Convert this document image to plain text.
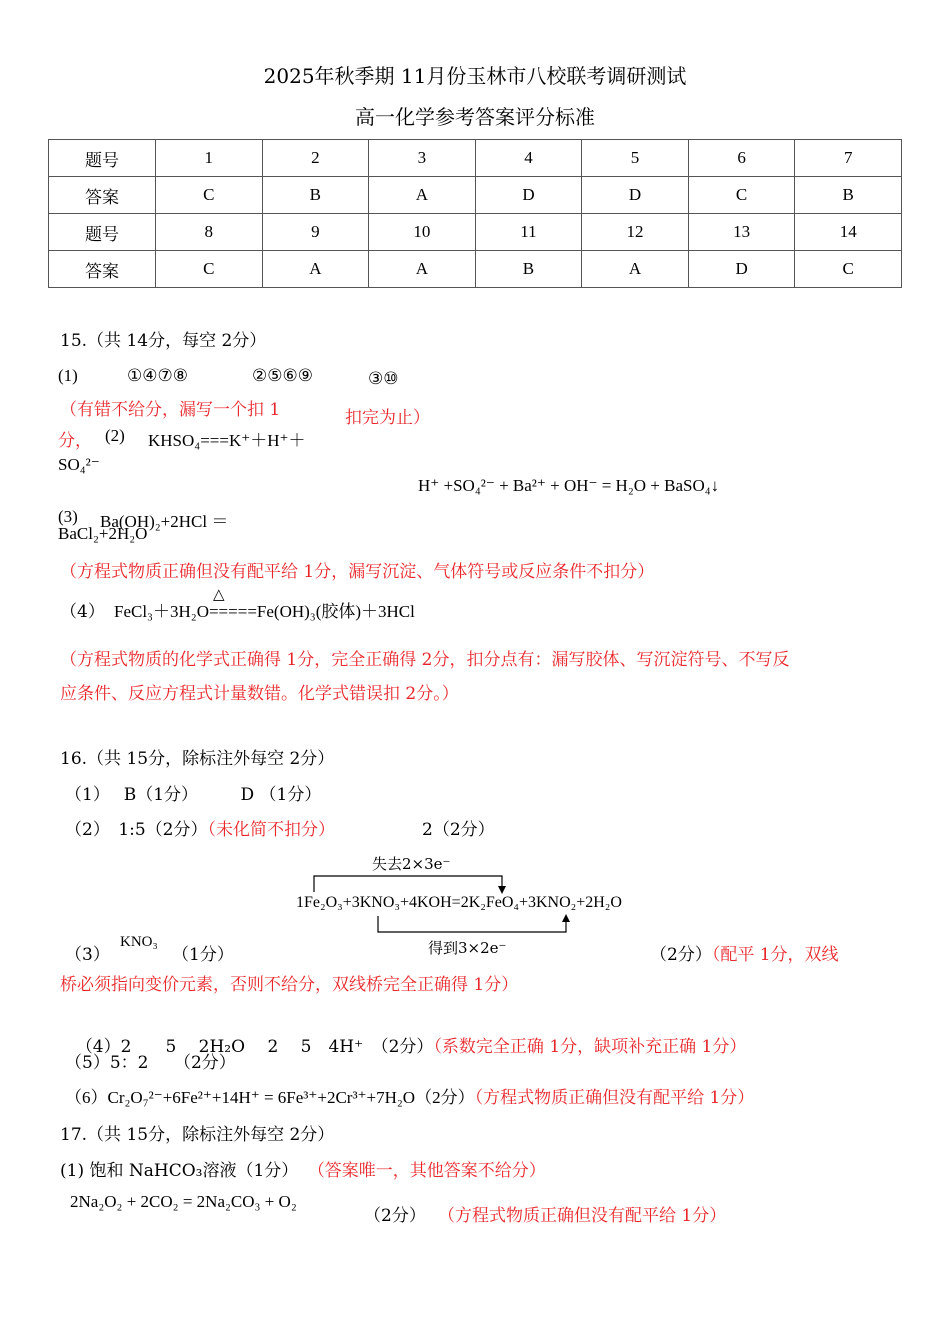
2025年秋季期 11月份玉林市八校联考调研测试
高一化学参考答案评分标准
题号	1	2	3	4	5	6	7
答案	C	B	A	D	D	C	B
题号	8	9	10	11	12	13	14
答案	C	A	A	B	A	D	C
15.（共 14分，每空 2分）
(1)	①④⑦⑧	②⑤⑥⑨	③⑩
（有错不给分，漏写一个扣 1	扣完为止）
分， (2) KHSO₄===K⁺＋H⁺＋
SO₄²⁻
H⁺ +SO₄²⁻ + Ba²⁺ + OH⁻ = H₂O + BaSO₄↓
(3) Ba(OH)₂+2HCl ＝
BaCl₂+2H₂O
（方程式物质正确但没有配平给 1分，漏写沉淀、气体符号或反应条件不扣分）
△
（4） FeCl₃＋3H₂O=====Fe(OH)₃(胶体)＋3HCl
（方程式物质的化学式正确得 1分，完全正确得 2分，扣分点有：漏写胶体、写沉淀符号、不写反
应条件、反应方程式计量数错。化学式错误扣 2分。）
16.（共 15分，除标注外每空 2分）
（1）　 B（1分）　　　D （1分）
（2）　1:5（2分）（未化简不扣分）	2（2分）
失去2×3e⁻
1Fe₂O₃+3KNO₃+4KOH=2K₂FeO₄+3KNO₂+2H₂O
得到3×2e⁻
（3）
KNO₃
（1分）	（2分）（配平 1分，双线
桥必须指向变价元素，否则不给分，双线桥完全正确得 1分）

（4）2　　5　 2H₂O　 2　 5　4H⁺　（2分）（系数完全正确 1分，缺项补充正确 1分）

（5）5：2　　（2分）
（6）Cr₂O₇²⁻+6Fe²⁺+14H⁺ = 6Fe³⁺+2Cr³⁺+7H₂O（2分）（方程式物质正确但没有配平给 1分）
17.（共 15分，除标注外每空 2分）
(1) 饱和 NaHCO₃溶液（1分） （答案唯一，其他答案不给分）
2Na₂O₂ + 2CO₂ = 2Na₂CO₃ + O₂
（2分） （方程式物质正确但没有配平给 1分）
